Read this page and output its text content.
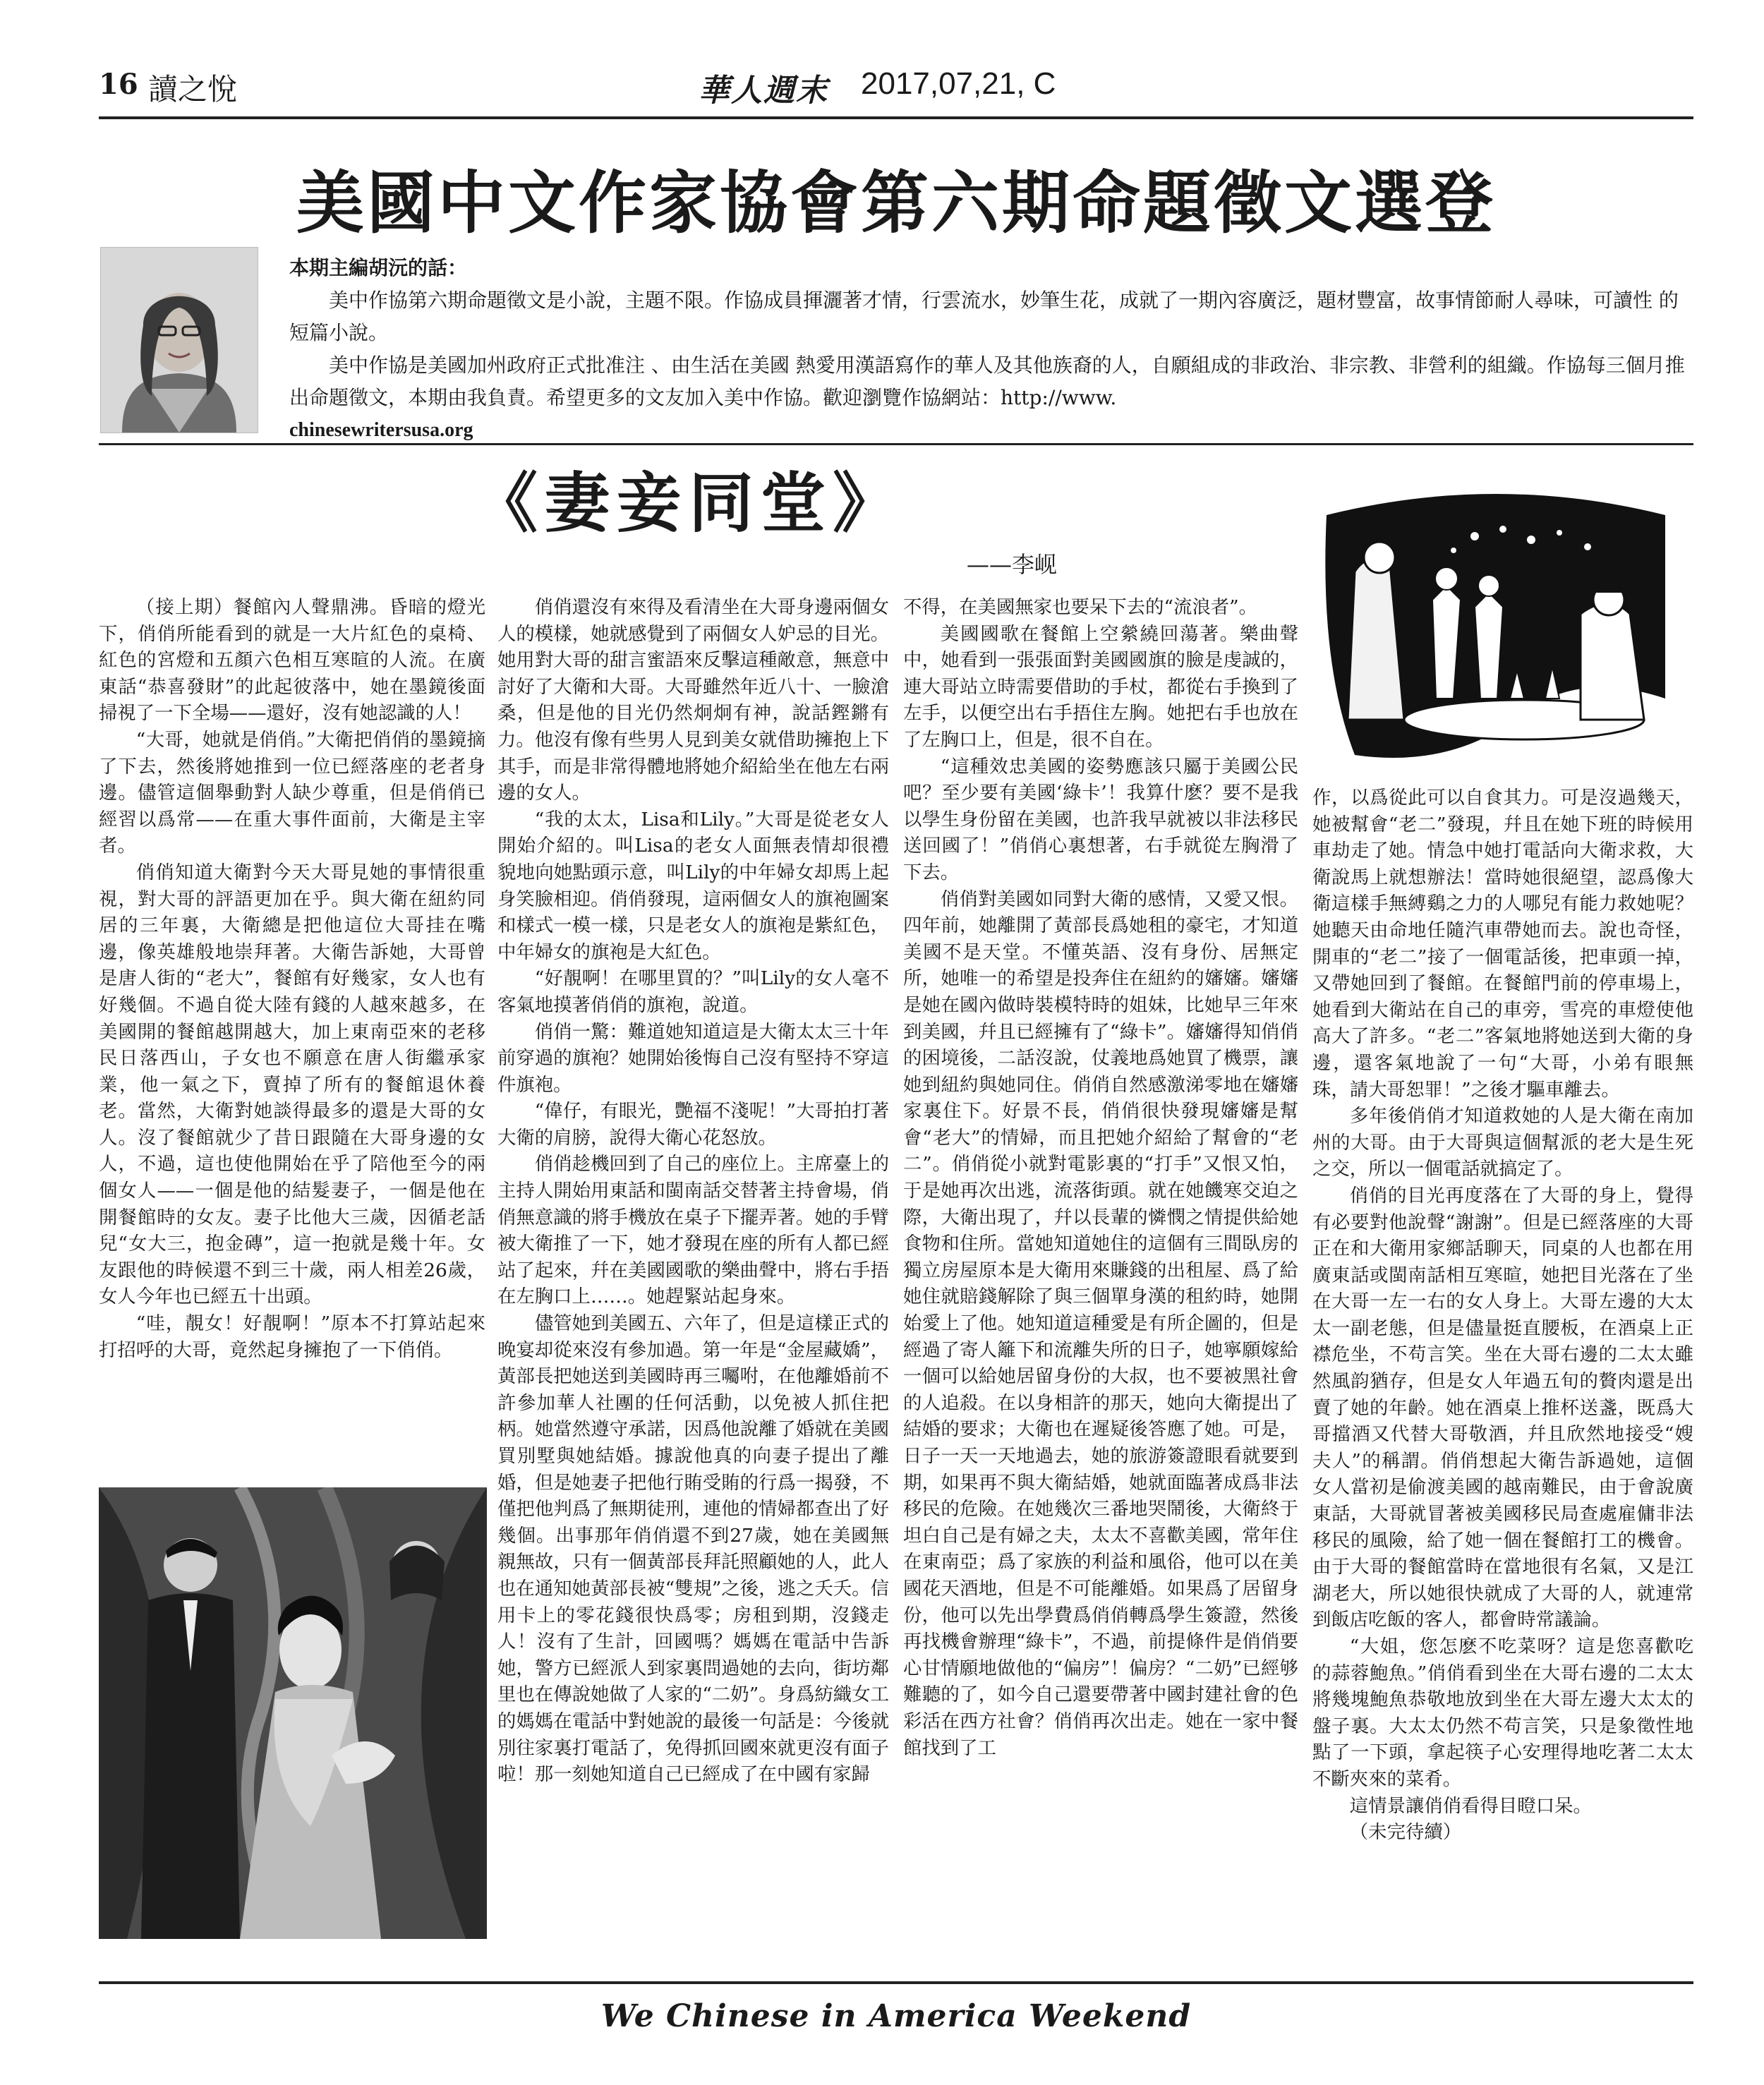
16 讀之悅	華人週末 2017,07,21, C
美國中文作家協會第六期命題徵文選登

本期主編胡沅的話：

美中作協第六期命題徵文是小說，主題不限。作協成員揮灑著才情，行雲流水，妙筆生花，成就了一期內容廣泛，題材豐富，故事情節耐人尋味，可讀性 的短篇小說。

美中作協是美國加州政府正式批准注 、由生活在美國 熱愛用漢語寫作的華人及其他族裔的人，自願組成的非政治、非宗教、非營利的組織。作協每三個月推出命題徵文，本期由我負責。希望更多的文友加入美中作協。歡迎瀏覽作協網站：http://www.

chinesewritersusa.org

《妻妾同堂》
——李岘

（接上期）餐館內人聲鼎沸。昏暗的燈光下，俏俏所能看到的就是一大片紅色的桌椅、紅色的宮燈和五顏六色相互寒暄的人流。在廣東話“恭喜發財”的此起彼落中，她在墨鏡後面掃視了一下全場——還好，沒有她認識的人！

“大哥，她就是俏俏。”大衛把俏俏的墨鏡摘了下去，然後將她推到一位已經落座的老者身邊。儘管這個舉動對人缺少尊重，但是俏俏已經習以爲常——在重大事件面前，大衛是主宰者。

俏俏知道大衛對今天大哥見她的事情很重視，對大哥的評語更加在乎。與大衛在紐約同居的三年裏，大衛總是把他這位大哥挂在嘴邊，像英雄般地崇拜著。大衛告訴她，大哥曾是唐人街的“老大”，餐館有好幾家，女人也有好幾個。不過自從大陸有錢的人越來越多，在美國開的餐館越開越大，加上東南亞來的老移民日落西山，子女也不願意在唐人街繼承家業，他一氣之下，賣掉了所有的餐館退休養老。當然，大衛對她談得最多的還是大哥的女人。沒了餐館就少了昔日跟隨在大哥身邊的女人，不過，這也使他開始在乎了陪他至今的兩個女人——一個是他的結髮妻子，一個是他在開餐館時的女友。妻子比他大三歲，因循老話兒“女大三，抱金磚”，這一抱就是幾十年。女友跟他的時候還不到三十歲，兩人相差26歲，女人今年也已經五十出頭。

“哇，靚女！好靚啊！”原本不打算站起來打招呼的大哥，竟然起身擁抱了一下俏俏。

俏俏還沒有來得及看清坐在大哥身邊兩個女人的模樣，她就感覺到了兩個女人妒忌的目光。她用對大哥的甜言蜜語來反擊這種敵意，無意中討好了大衛和大哥。大哥雖然年近八十、一臉滄桑，但是他的目光仍然炯炯有神，說話鏗鏘有力。他沒有像有些男人見到美女就借助擁抱上下其手，而是非常得體地將她介紹給坐在他左右兩邊的女人。

“我的太太，Lisa和Lily。”大哥是從老女人開始介紹的。叫Lisa的老女人面無表情却很禮貌地向她點頭示意，叫Lily的中年婦女却馬上起身笑臉相迎。俏俏發現，這兩個女人的旗袍圖案和樣式一模一樣，只是老女人的旗袍是紫紅色，中年婦女的旗袍是大紅色。

“好靚啊！在哪里買的？”叫Lily的女人毫不客氣地摸著俏俏的旗袍，說道。

俏俏一驚：難道她知道這是大衛太太三十年前穿過的旗袍？她開始後悔自己沒有堅持不穿這件旗袍。

“偉仔，有眼光，艷福不淺呢！”大哥拍打著大衛的肩膀，說得大衛心花怒放。

俏俏趁機回到了自己的座位上。主席臺上的主持人開始用東話和閩南話交替著主持會場，俏俏無意識的將手機放在桌子下擺弄著。她的手臂被大衛推了一下，她才發現在座的所有人都已經站了起來，幷在美國國歌的樂曲聲中，將右手捂在左胸口上……。她趕緊站起身來。

儘管她到美國五、六年了，但是這樣正式的晚宴却從來沒有參加過。第一年是“金屋藏嬌”，黃部長把她送到美國時再三囑咐，在他離婚前不許參加華人社團的任何活動，以免被人抓住把柄。她當然遵守承諾，因爲他說離了婚就在美國買別墅與她結婚。據說他真的向妻子提出了離婚，但是她妻子把他行賄受賄的行爲一揭發，不僅把他判爲了無期徒刑，連他的情婦都查出了好幾個。出事那年俏俏還不到27歲，她在美國無親無故，只有一個黃部長拜託照顧她的人，此人也在通知她黃部長被“雙規”之後，逃之夭夭。信用卡上的零花錢很快爲零；房租到期，沒錢走人！沒有了生計，回國嗎？媽媽在電話中告訴她，警方已經派人到家裏問過她的去向，街坊鄰里也在傳說她做了人家的“二奶”。身爲紡織女工的媽媽在電話中對她說的最後一句話是：今後就別往家裏打電話了，免得抓回國來就更沒有面子啦！那一刻她知道自己已經成了在中國有家歸

不得，在美國無家也要呆下去的“流浪者”。

美國國歌在餐館上空縈繞回蕩著。樂曲聲中，她看到一張張面對美國國旗的臉是虔誠的，連大哥站立時需要借助的手杖，都從右手換到了左手，以便空出右手捂住左胸。她把右手也放在了左胸口上，但是，很不自在。

“這種效忠美國的姿勢應該只屬于美國公民吧？至少要有美國‘綠卡’！我算什麽？要不是我以學生身份留在美國，也許我早就被以非法移民送回國了！”俏俏心裏想著，右手就從左胸滑了下去。

俏俏對美國如同對大衛的感情，又愛又恨。四年前，她離開了黃部長爲她租的豪宅，才知道美國不是天堂。不懂英語、沒有身份、居無定所，她唯一的希望是投奔住在紐約的嬸嬸。嬸嬸是她在國內做時裝模特時的姐妹，比她早三年來到美國，幷且已經擁有了“綠卡”。嬸嬸得知俏俏的困境後，二話沒說，仗義地爲她買了機票，讓她到紐約與她同住。俏俏自然感激涕零地在嬸嬸家裏住下。好景不長，俏俏很快發現嬸嬸是幫會“老大”的情婦，而且把她介紹給了幫會的“老二”。俏俏從小就對電影裏的“打手”又恨又怕，于是她再次出逃，流落街頭。就在她饑寒交迫之際，大衛出現了，幷以長輩的憐憫之情提供給她食物和住所。當她知道她住的這個有三間臥房的獨立房屋原本是大衛用來賺錢的出租屋、爲了給她住就賠錢解除了與三個單身漢的租約時，她開始愛上了他。她知道這種愛是有所企圖的，但是經過了寄人籬下和流離失所的日子，她寧願嫁給一個可以給她居留身份的大叔，也不要被黑社會的人追殺。在以身相許的那天，她向大衛提出了結婚的要求；大衛也在遲疑後答應了她。可是，日子一天一天地過去，她的旅游簽證眼看就要到期，如果再不與大衛結婚，她就面臨著成爲非法移民的危險。在她幾次三番地哭鬧後，大衛終于坦白自己是有婦之夫，太太不喜歡美國，常年住在東南亞；爲了家族的利益和風俗，他可以在美國花天酒地，但是不可能離婚。如果爲了居留身份，他可以先出學費爲俏俏轉爲學生簽證，然後再找機會辦理“綠卡”，不過，前提條件是俏俏要心甘情願地做他的“偏房”！偏房？“二奶”已經够難聽的了，如今自己還要帶著中國封建社會的色彩活在西方社會？俏俏再次出走。她在一家中餐館找到了工

作，以爲從此可以自食其力。可是沒過幾天，她被幫會“老二”發現，幷且在她下班的時候用車劫走了她。情急中她打電話向大衛求救，大衛說馬上就想辦法！當時她很絕望，認爲像大衛這樣手無縛鷄之力的人哪兒有能力救她呢？她聽天由命地任隨汽車帶她而去。說也奇怪，開車的“老二”接了一個電話後，把車頭一掉，又帶她回到了餐館。在餐館門前的停車場上，她看到大衛站在自己的車旁，雪亮的車燈使他高大了許多。“老二”客氣地將她送到大衛的身邊，還客氣地說了一句“大哥，小弟有眼無珠，請大哥恕罪！”之後才驅車離去。

多年後俏俏才知道救她的人是大衛在南加州的大哥。由于大哥與這個幫派的老大是生死之交，所以一個電話就搞定了。

俏俏的目光再度落在了大哥的身上，覺得有必要對他說聲“謝謝”。但是已經落座的大哥正在和大衛用家鄉話聊天，同桌的人也都在用廣東話或閩南話相互寒暄，她把目光落在了坐在大哥一左一右的女人身上。大哥左邊的大太太一副老態，但是儘量挺直腰板，在酒桌上正襟危坐，不苟言笑。坐在大哥右邊的二太太雖然風韵猶存，但是女人年過五旬的贅肉還是出賣了她的年齡。她在酒桌上推杯送盞，既爲大哥擋酒又代替大哥敬酒，幷且欣然地接受“嫂夫人”的稱謂。俏俏想起大衛告訴過她，這個女人當初是偷渡美國的越南難民，由于會說廣東話，大哥就冒著被美國移民局查處雇傭非法移民的風險，給了她一個在餐館打工的機會。由于大哥的餐館當時在當地很有名氣，又是江湖老大，所以她很快就成了大哥的人，就連常到飯店吃飯的客人，都會時常議論。

“大姐，您怎麽不吃菜呀？這是您喜歡吃的蒜蓉鮑魚。”俏俏看到坐在大哥右邊的二太太將幾塊鮑魚恭敬地放到坐在大哥左邊大太太的盤子裏。大太太仍然不苟言笑，只是象徵性地點了一下頭，拿起筷子心安理得地吃著二太太不斷夾來的菜肴。

這情景讓俏俏看得目瞪口呆。

（未完待續）

We Chinese in America Weekend
